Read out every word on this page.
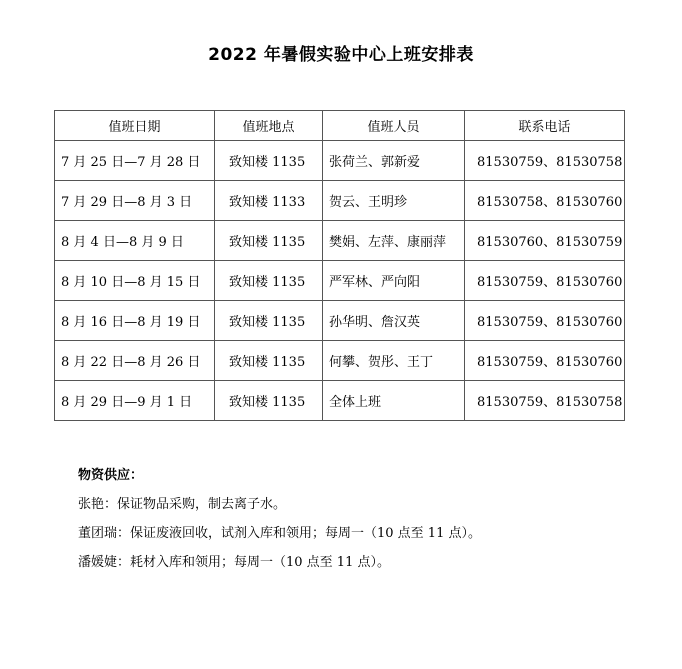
2022 年暑假实验中心上班安排表
值班日期	值班地点	值班人员	联系电话
7 月 25 日—7 月 28 日	致知楼 1135	张荷兰、郭新爱	81530759、81530758
7 月 29 日—8 月 3 日	致知楼 1133	贺云、王明珍	81530758、81530760
8 月 4 日—8 月 9 日	致知楼 1135	樊娟、左萍、康丽萍	81530760、81530759
8 月 10 日—8 月 15 日	致知楼 1135	严军林、严向阳	81530759、81530760
8 月 16 日—8 月 19 日	致知楼 1135	孙华明、詹汉英	81530759、81530760
8 月 22 日—8 月 26 日	致知楼 1135	何攀、贺彤、王丁	81530759、81530760
8 月 29 日—9 月 1 日	致知楼 1135	全体上班	81530759、81530758
物资供应：
张艳：保证物品采购，制去离子水。
董团瑞：保证废液回收，试剂入库和领用；每周一（10 点至 11 点）。
潘媛婕：耗材入库和领用；每周一（10 点至 11 点）。
